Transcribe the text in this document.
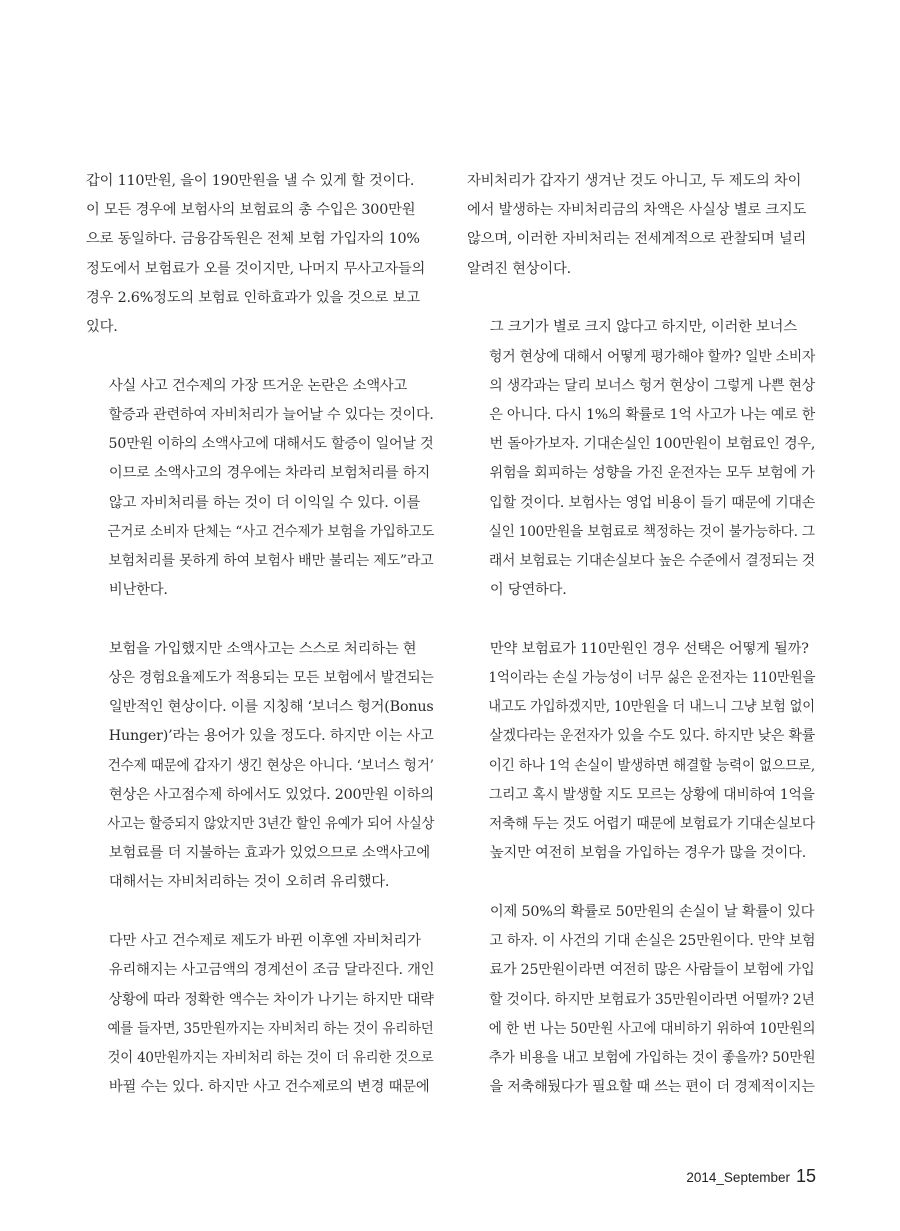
갑이 110만원, 을이 190만원을 낼 수 있게 할 것이다.
이 모든 경우에 보험사의 보험료의 총 수입은 300만원
으로 동일하다. 금융감독원은 전체 보험 가입자의 10%
정도에서 보험료가 오를 것이지만, 나머지 무사고자들의
경우 2.6%정도의 보험료 인하효과가 있을 것으로 보고
있다.

사실 사고 건수제의 가장 뜨거운 논란은 소액사고
할증과 관련하여 자비처리가 늘어날 수 있다는 것이다.
50만원 이하의 소액사고에 대해서도 할증이 일어날 것
이므로 소액사고의 경우에는 차라리 보험처리를 하지
않고 자비처리를 하는 것이 더 이익일 수 있다. 이를
근거로 소비자 단체는 “사고 건수제가 보험을 가입하고도
보험처리를 못하게 하여 보험사 배만 불리는 제도”라고
비난한다.

보험을 가입했지만 소액사고는 스스로 처리하는 현
상은 경험요율제도가 적용되는 모든 보험에서 발견되는
일반적인 현상이다. 이를 지칭해 ‘보너스 헝거(Bonus
Hunger)’라는 용어가 있을 정도다. 하지만 이는 사고
건수제 때문에 갑자기 생긴 현상은 아니다. ‘보너스 헝거’
현상은 사고점수제 하에서도 있었다. 200만원 이하의
사고는 할증되지 않았지만 3년간 할인 유예가 되어 사실상
보험료를 더 지불하는 효과가 있었으므로 소액사고에
대해서는 자비처리하는 것이 오히려 유리했다.

다만 사고 건수제로 제도가 바뀐 이후엔 자비처리가
유리해지는 사고금액의 경계선이 조금 달라진다. 개인
상황에 따라 정확한 액수는 차이가 나기는 하지만 대략
예를 들자면, 35만원까지는 자비처리 하는 것이 유리하던
것이 40만원까지는 자비처리 하는 것이 더 유리한 것으로
바뀔 수는 있다. 하지만 사고 건수제로의 변경 때문에

자비처리가 갑자기 생겨난 것도 아니고, 두 제도의 차이
에서 발생하는 자비처리금의 차액은 사실상 별로 크지도
않으며, 이러한 자비처리는 전세계적으로 관찰되며 널리
알려진 현상이다.

그 크기가 별로 크지 않다고 하지만, 이러한 보너스
헝거 현상에 대해서 어떻게 평가해야 할까? 일반 소비자
의 생각과는 달리 보너스 헝거 현상이 그렇게 나쁜 현상
은 아니다. 다시 1%의 확률로 1억 사고가 나는 예로 한
번 돌아가보자. 기대손실인 100만원이 보험료인 경우,
위험을 회피하는 성향을 가진 운전자는 모두 보험에 가
입할 것이다. 보험사는 영업 비용이 들기 때문에 기대손
실인 100만원을 보험료로 책정하는 것이 불가능하다. 그
래서 보험료는 기대손실보다 높은 수준에서 결정되는 것
이 당연하다.

만약 보험료가 110만원인 경우 선택은 어떻게 될까?
1억이라는 손실 가능성이 너무 싫은 운전자는 110만원을
내고도 가입하겠지만, 10만원을 더 내느니 그냥 보험 없이
살겠다라는 운전자가 있을 수도 있다. 하지만 낮은 확률
이긴 하나 1억 손실이 발생하면 해결할 능력이 없으므로,
그리고 혹시 발생할 지도 모르는 상황에 대비하여 1억을
저축해 두는 것도 어렵기 때문에 보험료가 기대손실보다
높지만 여전히 보험을 가입하는 경우가 많을 것이다.

이제 50%의 확률로 50만원의 손실이 날 확률이 있다
고 하자. 이 사건의 기대 손실은 25만원이다. 만약 보험
료가 25만원이라면 여전히 많은 사람들이 보험에 가입
할 것이다. 하지만 보험료가 35만원이라면 어떨까? 2년
에 한 번 나는 50만원 사고에 대비하기 위하여 10만원의
추가 비용을 내고 보험에 가입하는 것이 좋을까? 50만원
을 저축해뒀다가 필요할 때 쓰는 편이 더 경제적이지는

2014_September 15
